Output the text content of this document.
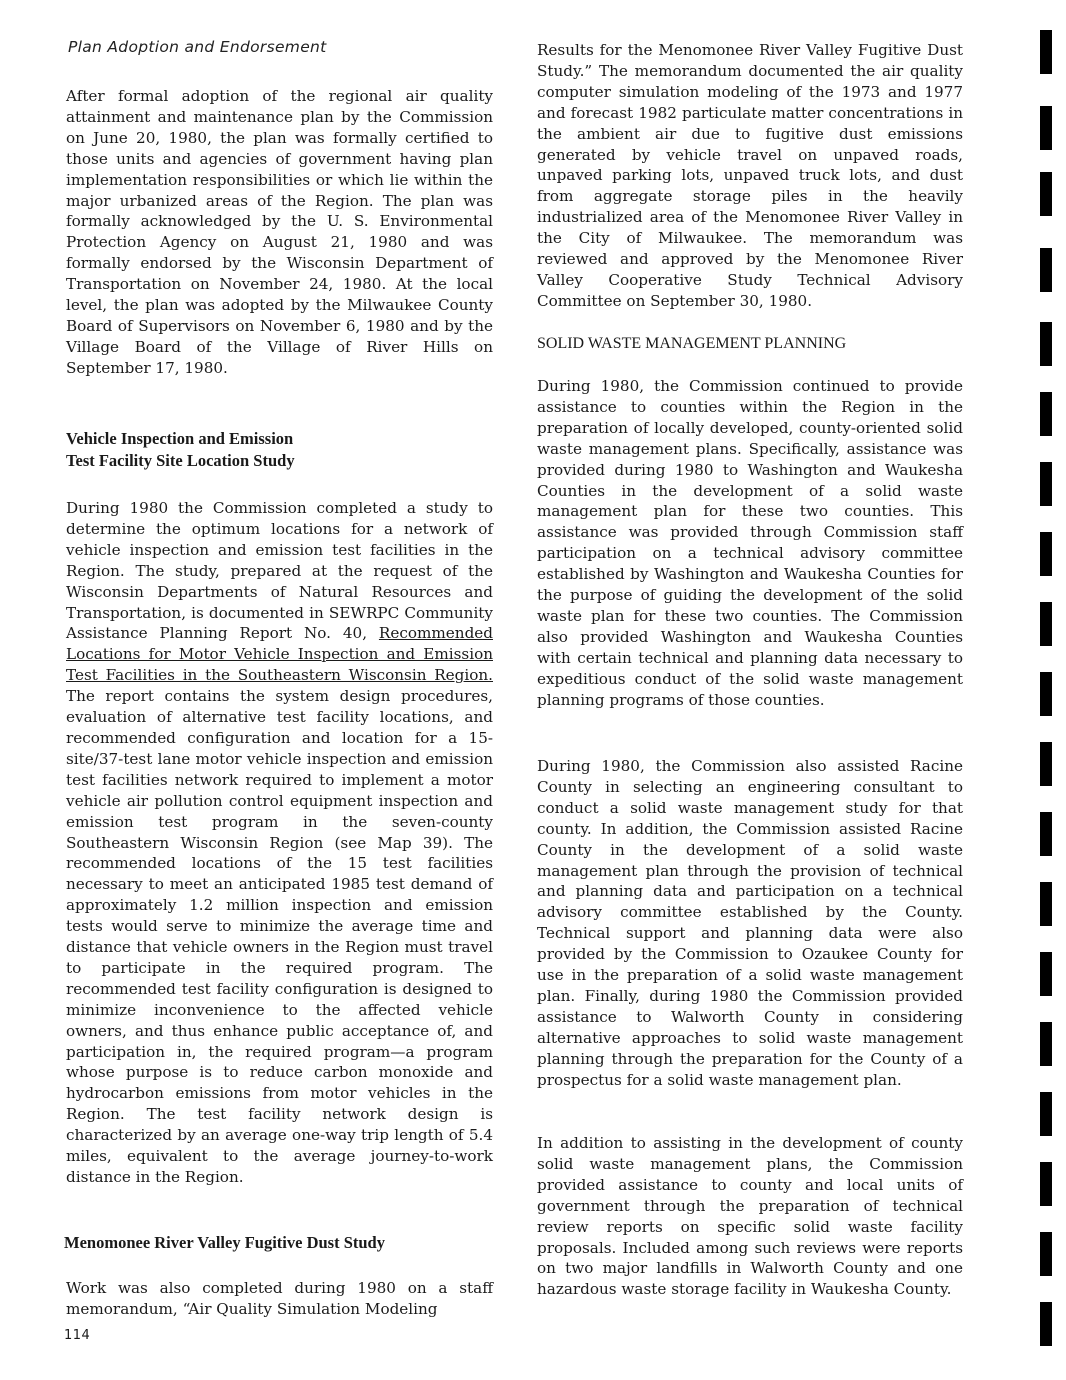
Plan Adoption and Endorsement

After formal adoption of the regional air quality attainment and maintenance plan by the Commission on June 20, 1980, the plan was formally certified to those units and agencies of government having plan implementation responsibilities or which lie within the major urbanized areas of the Region. The plan was formally acknowledged by the U. S. Environmental Protection Agency on August 21, 1980 and was formally endorsed by the Wisconsin Department of Transportation on November 24, 1980. At the local level, the plan was adopted by the Milwaukee County Board of Supervisors on November 6, 1980 and by the Village Board of the Village of River Hills on September 17, 1980.

Vehicle Inspection and Emission
Test Facility Site Location Study

During 1980 the Commission completed a study to determine the optimum locations for a network of vehicle inspection and emission test facilities in the Region. The study, prepared at the request of the Wisconsin Departments of Natural Resources and Transportation, is documented in SEWRPC Community Assistance Planning Report No. 40, Recommended Locations for Motor Vehicle Inspection and Emission Test Facilities in the Southeastern Wisconsin Region. The report contains the system design procedures, evaluation of alternative test facility locations, and recommended configuration and location for a 15-site/37-test lane motor vehicle inspection and emission test facilities network required to implement a motor vehicle air pollution control equipment inspection and emission test program in the seven-county Southeastern Wisconsin Region (see Map 39). The recommended locations of the 15 test facilities necessary to meet an anticipated 1985 test demand of approximately 1.2 million inspection and emission tests would serve to minimize the average time and distance that vehicle owners in the Region must travel to participate in the required program. The recommended test facility configuration is designed to minimize inconvenience to the affected vehicle owners, and thus enhance public acceptance of, and participation in, the required program—a program whose purpose is to reduce carbon monoxide and hydrocarbon emissions from motor vehicles in the Region. The test facility network design is characterized by an average one-way trip length of 5.4 miles, equivalent to the average journey-to-work distance in the Region.

Menomonee River Valley Fugitive Dust Study

Work was also completed during 1980 on a staff memorandum, “Air Quality Simulation Modeling

Results for the Menomonee River Valley Fugitive Dust Study.” The memorandum documented the air quality computer simulation modeling of the 1973 and 1977 and forecast 1982 particulate matter concentrations in the ambient air due to fugitive dust emissions generated by vehicle travel on unpaved roads, unpaved parking lots, unpaved truck lots, and dust from aggregate storage piles in the heavily industrialized area of the Menomonee River Valley in the City of Milwaukee. The memorandum was reviewed and approved by the Menomonee River Valley Cooperative Study Technical Advisory Committee on September 30, 1980.

SOLID WASTE MANAGEMENT PLANNING

During 1980, the Commission continued to provide assistance to counties within the Region in the preparation of locally developed, county-oriented solid waste management plans. Specifically, assistance was provided during 1980 to Washington and Waukesha Counties in the development of a solid waste management plan for these two counties. This assistance was provided through Commission staff participation on a technical advisory committee established by Washington and Waukesha Counties for the purpose of guiding the development of the solid waste plan for these two counties. The Commission also provided Washington and Waukesha Counties with certain technical and planning data necessary to expeditious conduct of the solid waste management planning programs of those counties.

During 1980, the Commission also assisted Racine County in selecting an engineering consultant to conduct a solid waste management study for that county. In addition, the Commission assisted Racine County in the development of a solid waste management plan through the provision of technical and planning data and participation on a technical advisory committee established by the County. Technical support and planning data were also provided by the Commission to Ozaukee County for use in the preparation of a solid waste management plan. Finally, during 1980 the Commission provided assistance to Walworth County in considering alternative approaches to solid waste management planning through the preparation for the County of a prospectus for a solid waste management plan.

In addition to assisting in the development of county solid waste management plans, the Commission provided assistance to county and local units of government through the preparation of technical review reports on specific solid waste facility proposals. Included among such reviews were reports on two major landfills in Walworth County and one hazardous waste storage facility in Waukesha County.

114
